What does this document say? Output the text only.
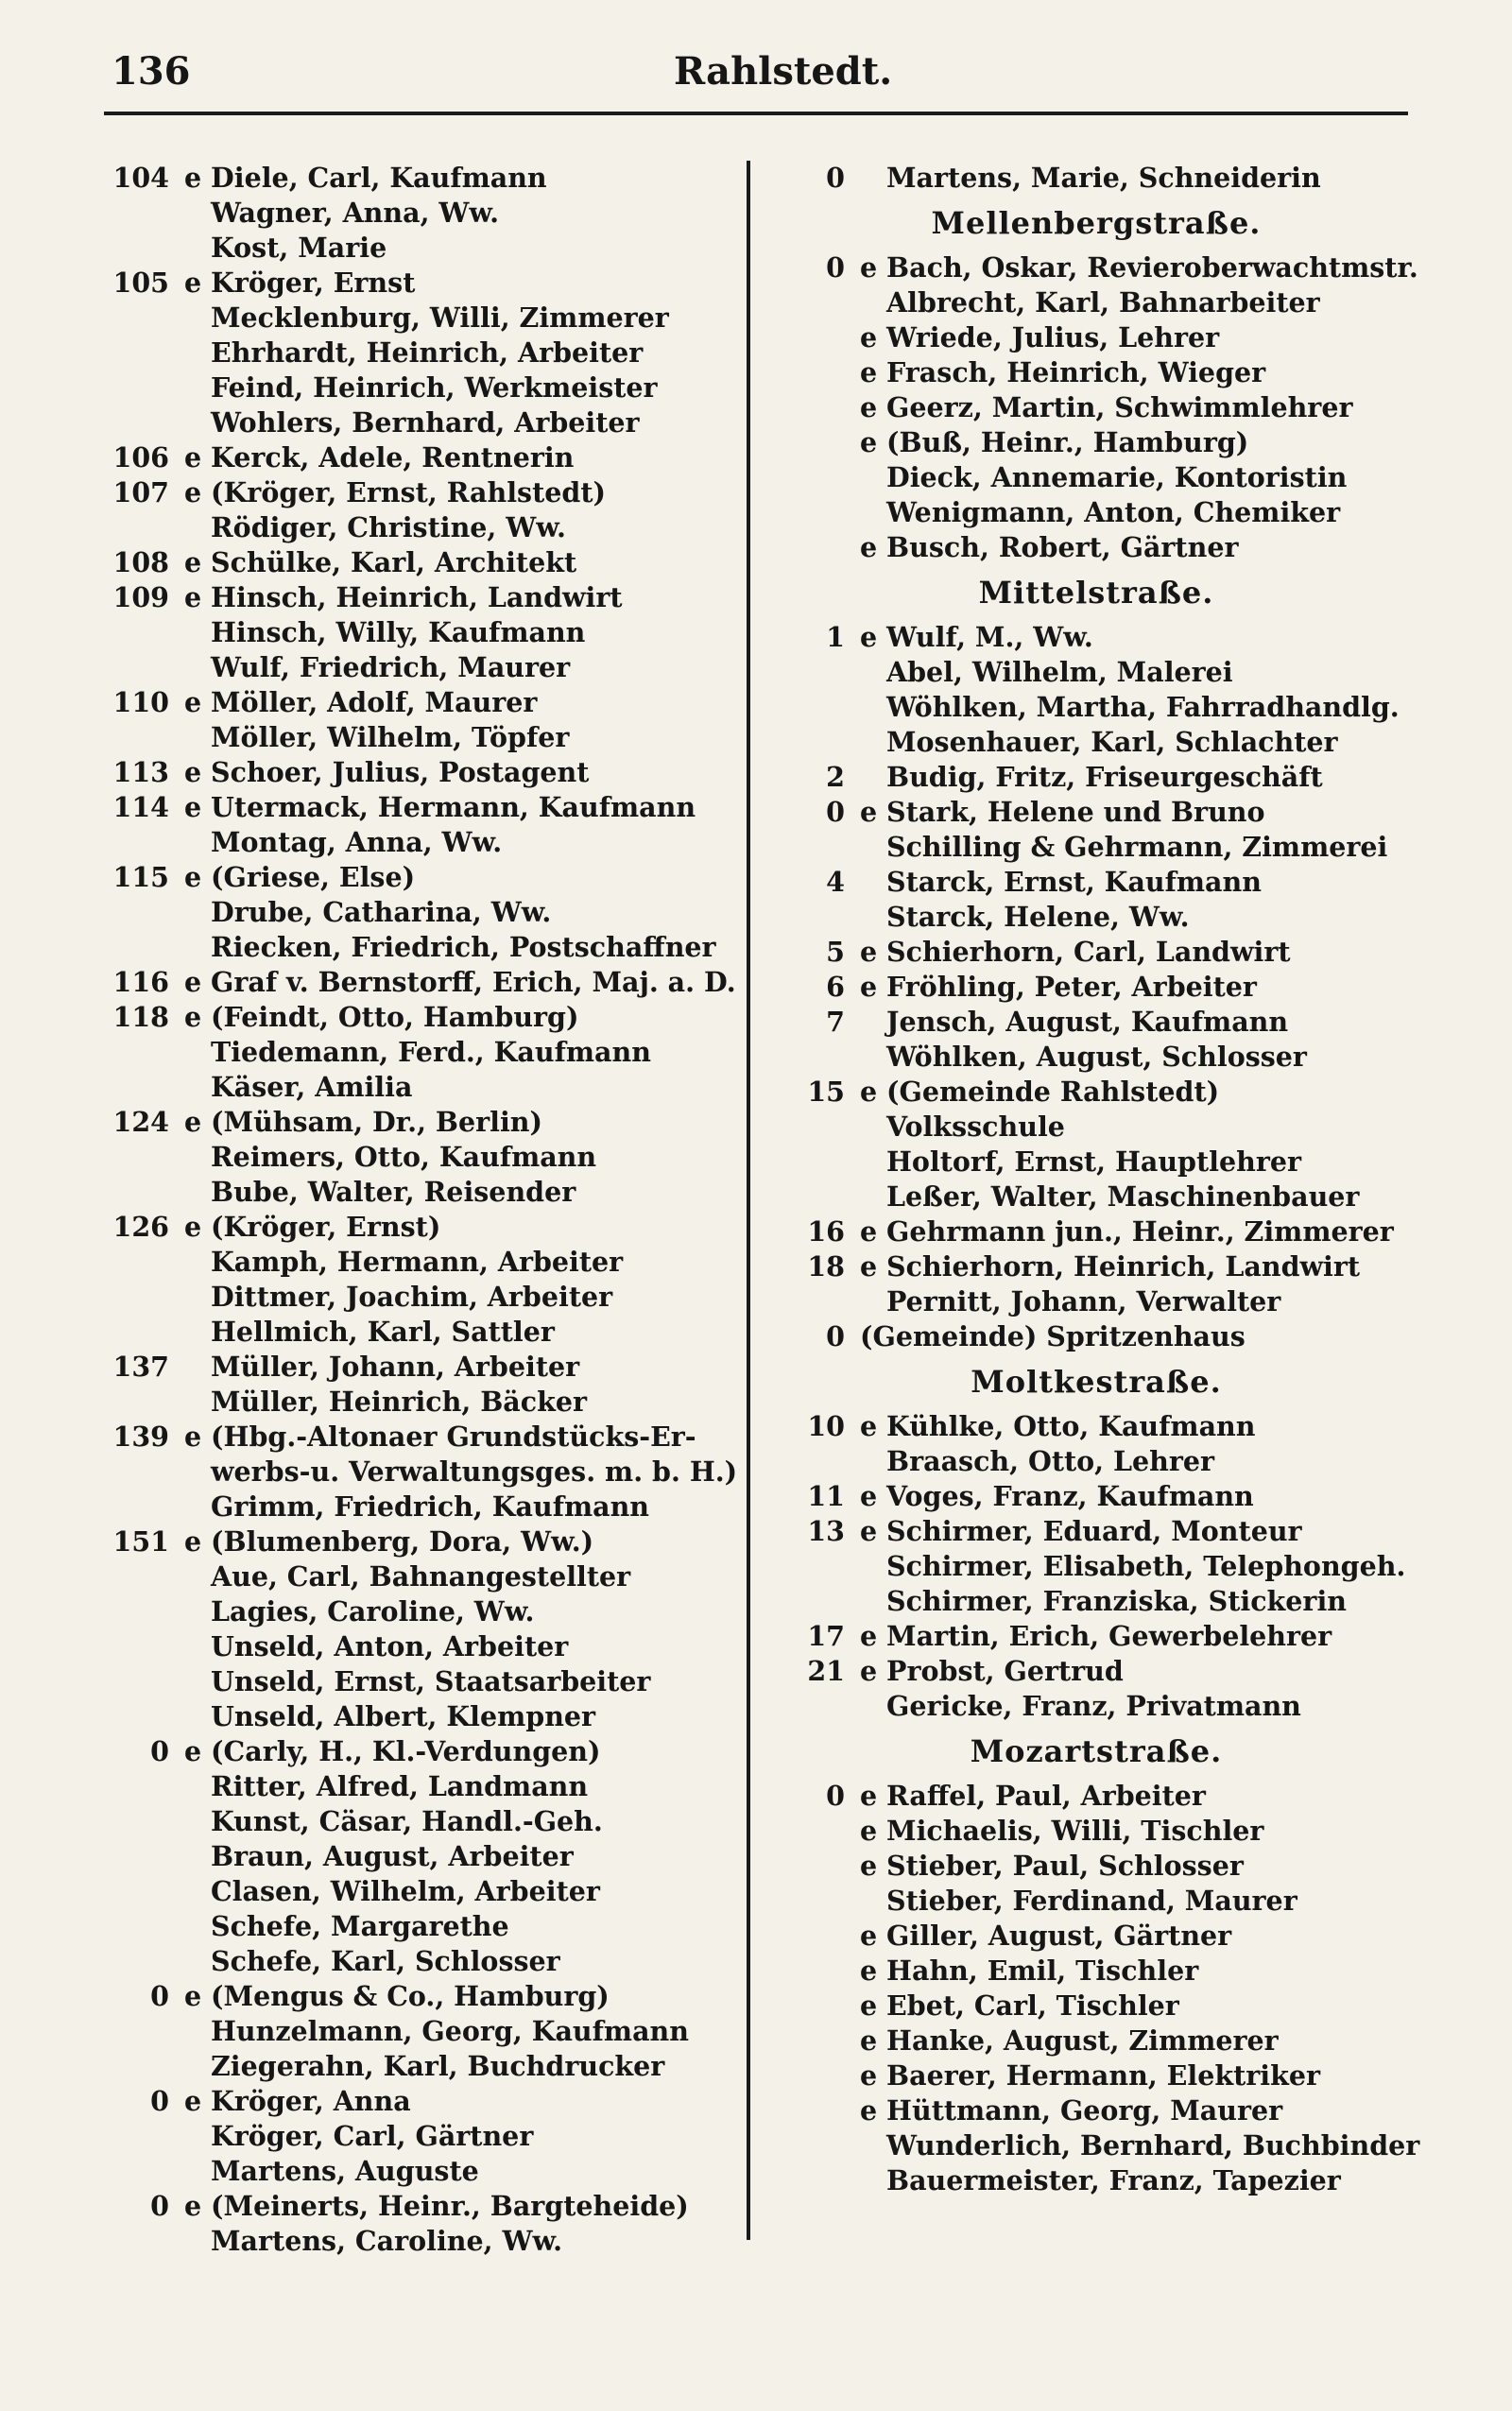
136	Rahlstedt.
104 e Diele, Carl, Kaufmann
Wagner, Anna, Ww.
Kost, Marie
105 e Kröger, Ernst
Mecklenburg, Willi, Zimmerer
Ehrhardt, Heinrich, Arbeiter
Feind, Heinrich, Werkmeister
Wohlers, Bernhard, Arbeiter
106 e Kerck, Adele, Rentnerin
107 e (Kröger, Ernst, Rahlstedt)
Rödiger, Christine, Ww.
108 e Schülke, Karl, Architekt
109 e Hinsch, Heinrich, Landwirt
Hinsch, Willy, Kaufmann
Wulf, Friedrich, Maurer
110 e Möller, Adolf, Maurer
Möller, Wilhelm, Töpfer
113 e Schoer, Julius, Postagent
114 e Utermack, Hermann, Kaufmann
Montag, Anna, Ww.
115 e (Griese, Else)
Drube, Catharina, Ww.
Riecken, Friedrich, Postschaffner
116 e Graf v. Bernstorff, Erich, Maj. a. D.
118 e (Feindt, Otto, Hamburg)
Tiedemann, Ferd., Kaufmann
Käser, Amilia
124 e (Mühsam, Dr., Berlin)
Reimers, Otto, Kaufmann
Bube, Walter, Reisender
126 e (Kröger, Ernst)
Kamph, Hermann, Arbeiter
Dittmer, Joachim, Arbeiter
Hellmich, Karl, Sattler
137 Müller, Johann, Arbeiter
Müller, Heinrich, Bäcker
139 e (Hbg.-Altonaer Grundstücks-Er-
werbs-u. Verwaltungsges. m. b. H.)
Grimm, Friedrich, Kaufmann
151 e (Blumenberg, Dora, Ww.)
Aue, Carl, Bahnangestellter
Lagies, Caroline, Ww.
Unseld, Anton, Arbeiter
Unseld, Ernst, Staatsarbeiter
Unseld, Albert, Klempner
0 e (Carly, H., Kl.-Verdungen)
Ritter, Alfred, Landmann
Kunst, Cäsar, Handl.-Geh.
Braun, August, Arbeiter
Clasen, Wilhelm, Arbeiter
Schefe, Margarethe
Schefe, Karl, Schlosser
0 e (Mengus & Co., Hamburg)
Hunzelmann, Georg, Kaufmann
Ziegerahn, Karl, Buchdrucker
0 e Kröger, Anna
Kröger, Carl, Gärtner
Martens, Auguste
0 e (Meinerts, Heinr., Bargteheide)
Martens, Caroline, Ww.
0 Martens, Marie, Schneiderin
Mellenbergstraße.
0 e Bach, Oskar, Revieroberwachtmstr.
Albrecht, Karl, Bahnarbeiter
e Wriede, Julius, Lehrer
e Frasch, Heinrich, Wieger
e Geerz, Martin, Schwimmlehrer
e (Buß, Heinr., Hamburg)
Dieck, Annemarie, Kontoristin
Wenigmann, Anton, Chemiker
e Busch, Robert, Gärtner
Mittelstraße.
1 e Wulf, M., Ww.
Abel, Wilhelm, Malerei
Wöhlken, Martha, Fahrradhandlg.
Mosenhauer, Karl, Schlachter
2 Budig, Fritz, Friseurgeschäft
0 e Stark, Helene und Bruno
Schilling & Gehrmann, Zimmerei
4 Starck, Ernst, Kaufmann
Starck, Helene, Ww.
5 e Schierhorn, Carl, Landwirt
6 e Fröhling, Peter, Arbeiter
7 Jensch, August, Kaufmann
Wöhlken, August, Schlosser
15 e (Gemeinde Rahlstedt)
Volksschule
Holtorf, Ernst, Hauptlehrer
Leßer, Walter, Maschinenbauer
16 e Gehrmann jun., Heinr., Zimmerer
18 e Schierhorn, Heinrich, Landwirt
Pernitt, Johann, Verwalter
0 (Gemeinde) Spritzenhaus
Moltkestraße.
10 e Kühlke, Otto, Kaufmann
Braasch, Otto, Lehrer
11 e Voges, Franz, Kaufmann
13 e Schirmer, Eduard, Monteur
Schirmer, Elisabeth, Telephongeh.
Schirmer, Franziska, Stickerin
17 e Martin, Erich, Gewerbelehrer
21 e Probst, Gertrud
Gericke, Franz, Privatmann
Mozartstraße.
0 e Raffel, Paul, Arbeiter
e Michaelis, Willi, Tischler
e Stieber, Paul, Schlosser
Stieber, Ferdinand, Maurer
e Giller, August, Gärtner
e Hahn, Emil, Tischler
e Ebet, Carl, Tischler
e Hanke, August, Zimmerer
e Baerer, Hermann, Elektriker
e Hüttmann, Georg, Maurer
Wunderlich, Bernhard, Buchbinder
Bauermeister, Franz, Tapezier
